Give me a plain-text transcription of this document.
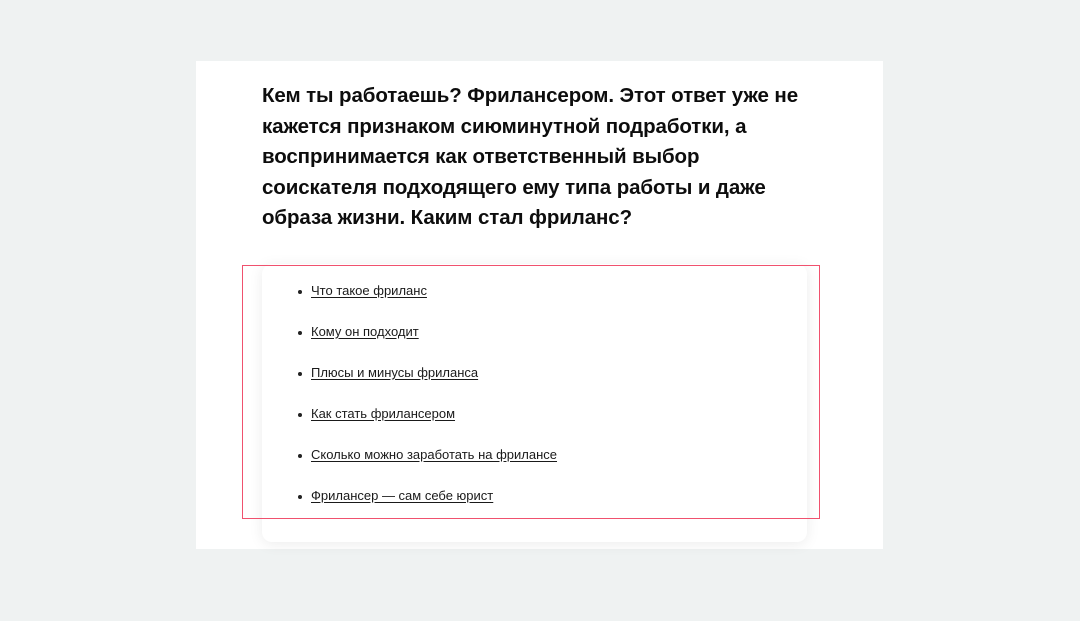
Кем ты работаешь? Фрилансером. Этот ответ уже не кажется признаком сиюминутной подработки, а воспринимается как ответственный выбор соискателя подходящего ему типа работы и даже образа жизни. Каким стал фриланс?

Что такое фриланс
Кому он подходит
Плюсы и минусы фриланса
Как стать фрилансером
Сколько можно заработать на фрилансе
Фрилансер — сам себе юрист
